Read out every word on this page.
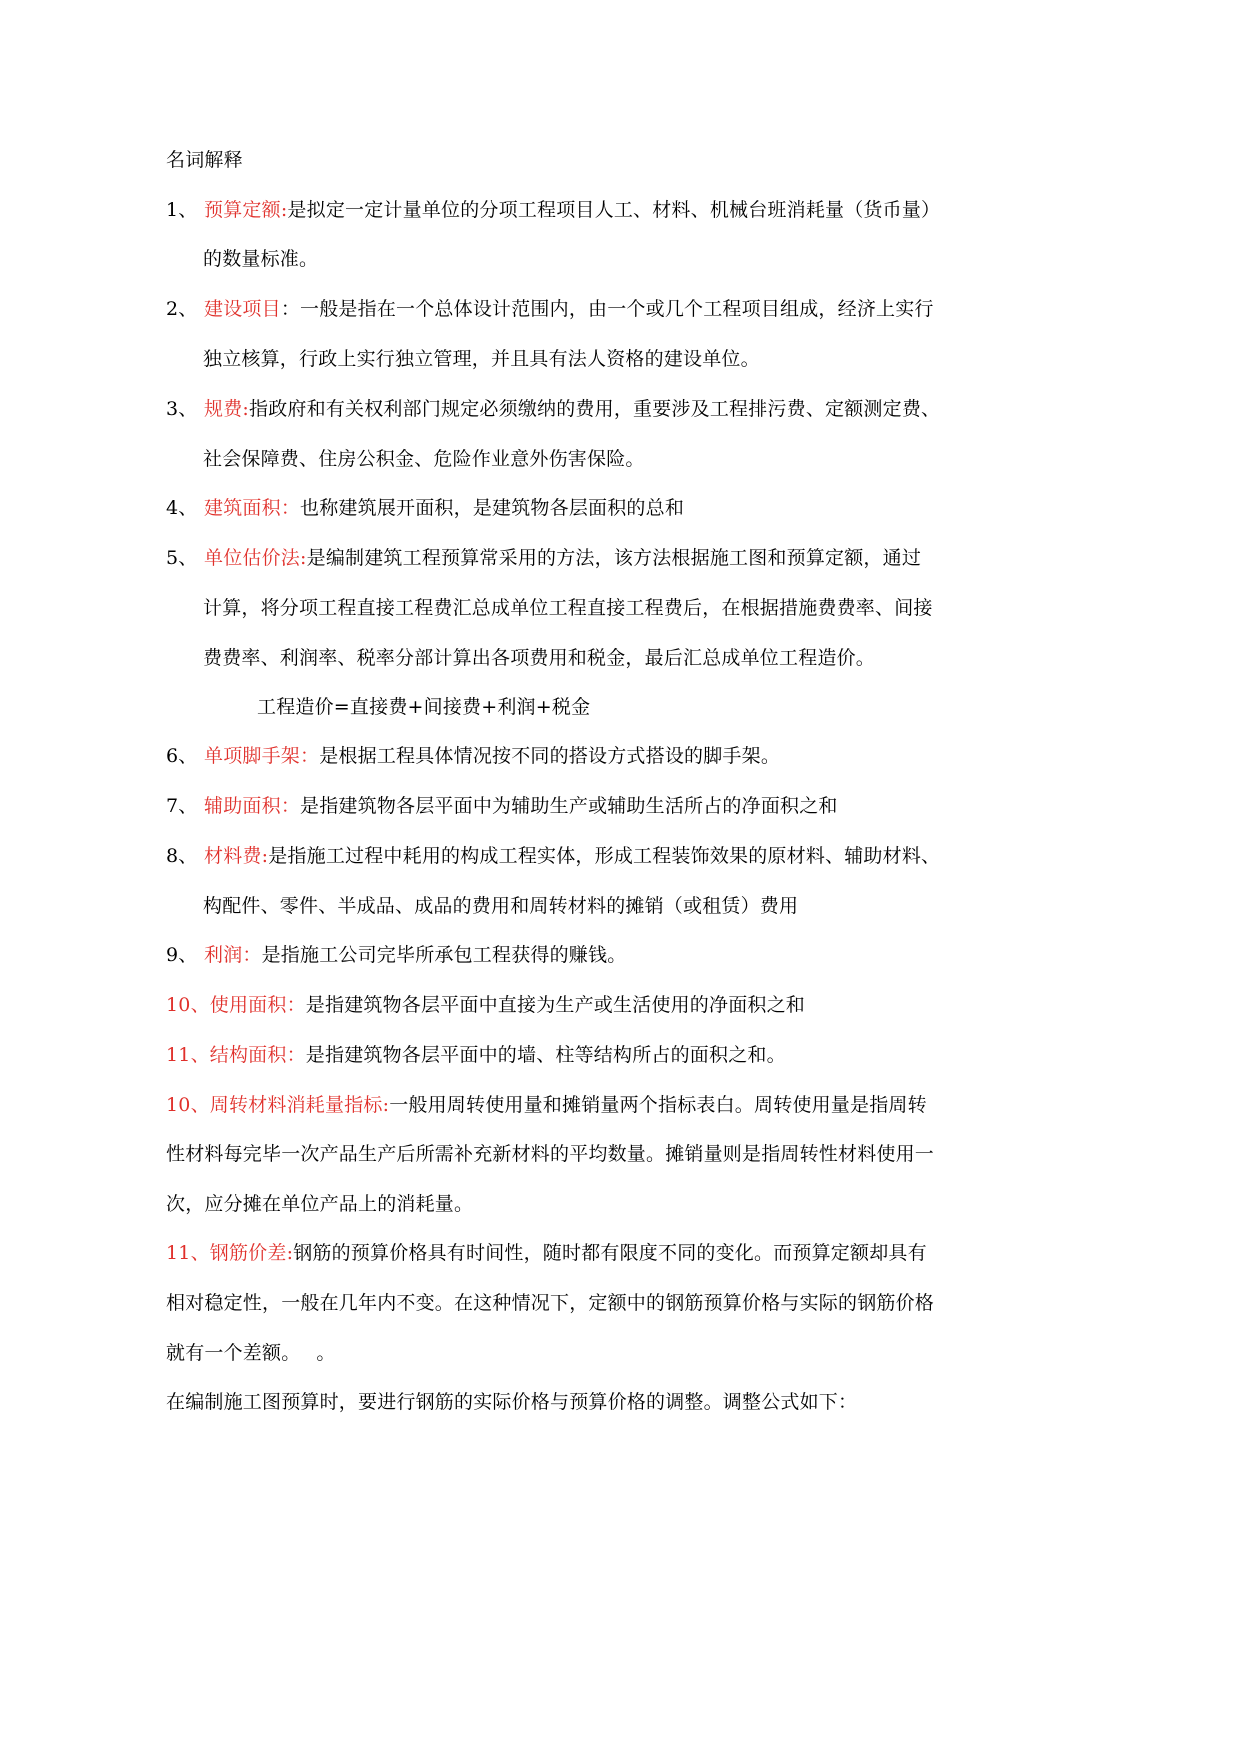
名词解释
1、 预算定额:是拟定一定计量单位的分项工程项目人工、材料、机械台班消耗量（货币量）
的数量标准。
2、 建设项目：一般是指在一个总体设计范围内，由一个或几个工程项目组成，经济上实行
独立核算，行政上实行独立管理，并且具有法人资格的建设单位。
3、 规费:指政府和有关权利部门规定必须缴纳的费用，重要涉及工程排污费、定额测定费、
社会保障费、住房公积金、危险作业意外伤害保险。
4、 建筑面积：也称建筑展开面积，是建筑物各层面积的总和
5、 单位估价法:是编制建筑工程预算常采用的方法，该方法根据施工图和预算定额，通过
计算，将分项工程直接工程费汇总成单位工程直接工程费后，在根据措施费费率、间接
费费率、利润率、税率分部计算出各项费用和税金，最后汇总成单位工程造价。
工程造价=直接费+间接费+利润+税金
6、 单项脚手架：是根据工程具体情况按不同的搭设方式搭设的脚手架。
7、 辅助面积：是指建筑物各层平面中为辅助生产或辅助生活所占的净面积之和
8、 材料费:是指施工过程中耗用的构成工程实体，形成工程装饰效果的原材料、辅助材料、
构配件、零件、半成品、成品的费用和周转材料的摊销（或租赁）费用
9、 利润：是指施工公司完毕所承包工程获得的赚钱。
10、使用面积：是指建筑物各层平面中直接为生产或生活使用的净面积之和
11、结构面积：是指建筑物各层平面中的墙、柱等结构所占的面积之和。
10、周转材料消耗量指标:一般用周转使用量和摊销量两个指标表白。周转使用量是指周转
性材料每完毕一次产品生产后所需补充新材料的平均数量。摊销量则是指周转性材料使用一
次，应分摊在单位产品上的消耗量。
11、钢筋价差:钢筋的预算价格具有时间性，随时都有限度不同的变化。而预算定额却具有
相对稳定性，一般在几年内不变。在这种情况下，定额中的钢筋预算价格与实际的钢筋价格
就有一个差额。　 。
在编制施工图预算时，要进行钢筋的实际价格与预算价格的调整。调整公式如下：
